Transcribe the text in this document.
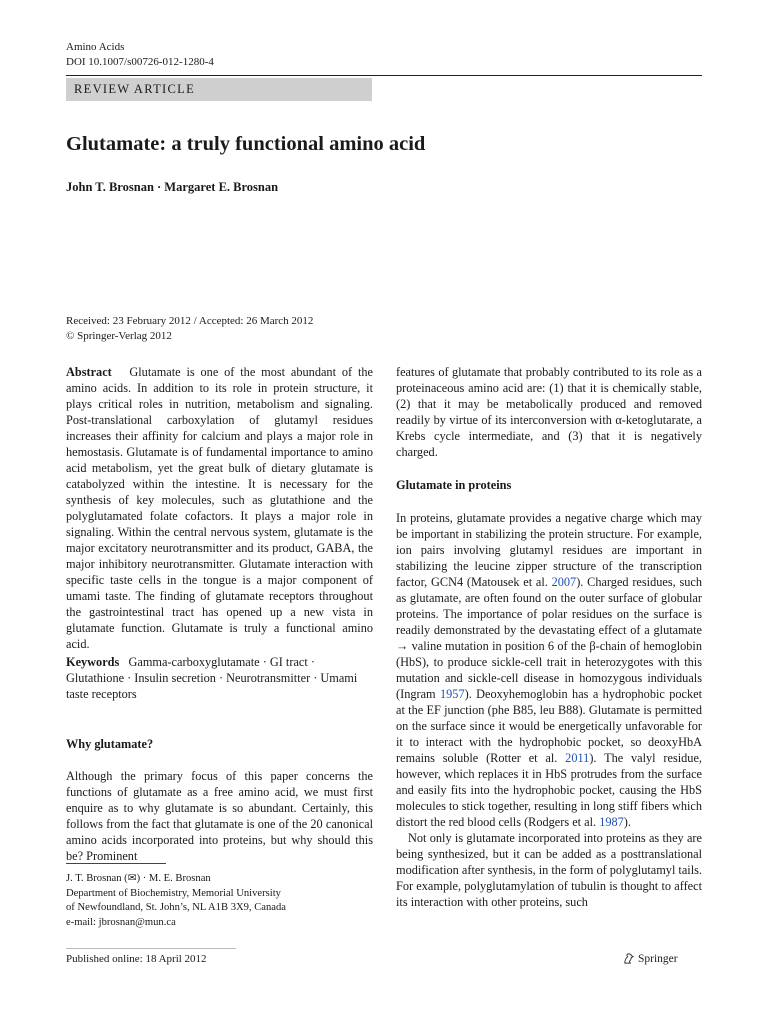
Amino Acids
DOI 10.1007/s00726-012-1280-4
REVIEW ARTICLE
Glutamate: a truly functional amino acid
John T. Brosnan · Margaret E. Brosnan
Received: 23 February 2012 / Accepted: 26 March 2012
© Springer-Verlag 2012

Abstract Glutamate is one of the most abundant of the amino acids. In addition to its role in protein structure, it plays critical roles in nutrition, metabolism and signaling. Post-translational carboxylation of glutamyl residues increases their affinity for calcium and plays a major role in hemostasis. Glutamate is of fundamental importance to amino acid metabolism, yet the great bulk of dietary glutamate is catabolyzed within the intestine. It is necessary for the synthesis of key molecules, such as glutathione and the polyglutamated folate cofactors. It plays a major role in signaling. Within the central nervous system, glutamate is the major excitatory neurotransmitter and its product, GABA, the major inhibitory neurotransmitter. Glutamate interaction with specific taste cells in the tongue is a major component of umami taste. The finding of glutamate receptors throughout the gastrointestinal tract has opened up a new vista in glutamate function. Glutamate is truly a functional amino acid.

Keywords Gamma-carboxyglutamate · GI tract · Glutathione · Insulin secretion · Neurotransmitter · Umami taste receptors

Why glutamate?

Although the primary focus of this paper concerns the functions of glutamate as a free amino acid, we must first enquire as to why glutamate is so abundant. Certainly, this follows from the fact that glutamate is one of the 20 canonical amino acids incorporated into proteins, but why should this be? Prominent

J. T. Brosnan (✉) · M. E. Brosnan
Department of Biochemistry, Memorial University
of Newfoundland, St. John’s, NL A1B 3X9, Canada
e-mail: jbrosnan@mun.ca

features of glutamate that probably contributed to its role as a proteinaceous amino acid are: (1) that it is chemically stable, (2) that it may be metabolically produced and removed readily by virtue of its interconversion with α-ketoglutarate, a Krebs cycle intermediate, and (3) that it is negatively charged.

Glutamate in proteins

In proteins, glutamate provides a negative charge which may be important in stabilizing the protein structure. For example, ion pairs involving glutamyl residues are important in stabilizing the leucine zipper structure of the transcription factor, GCN4 (Matousek et al. 2007). Charged residues, such as glutamate, are often found on the outer surface of globular proteins. The importance of polar residues on the surface is readily demonstrated by the devastating effect of a glutamate → valine mutation in position 6 of the β-chain of hemoglobin (HbS), to produce sickle-cell trait in heterozygotes with this mutation and sickle-cell disease in homozygous individuals (Ingram 1957). Deoxyhemoglobin has a hydrophobic pocket at the EF junction (phe B85, leu B88). Glutamate is permitted on the surface since it would be energetically unfavorable for it to interact with the hydrophobic pocket, so deoxyHbA remains soluble (Rotter et al. 2011). The valyl residue, however, which replaces it in HbS protrudes from the surface and easily fits into the hydrophobic pocket, causing the HbS molecules to stick together, resulting in long stiff fibers which distort the red blood cells (Rodgers et al. 1987).

Not only is glutamate incorporated into proteins as they are being synthesized, but it can be added as a posttranslational modification after synthesis, in the form of polyglutamyl tails. For example, polyglutamylation of tubulin is thought to affect its interaction with other proteins, such

Published online: 18 April 2012	Springer
